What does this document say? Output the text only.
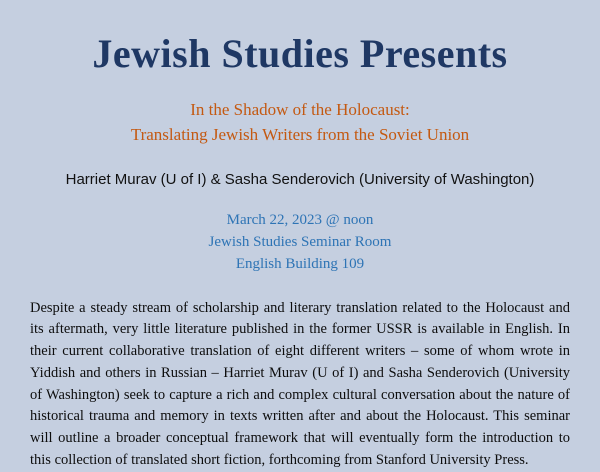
Jewish Studies Presents
In the Shadow of the Holocaust:
Translating Jewish Writers from the Soviet Union
Harriet Murav (U of I) & Sasha Senderovich (University of Washington)
March 22, 2023 @ noon
Jewish Studies Seminar Room
English Building 109

Despite a steady stream of scholarship and literary translation related to the Holocaust and its aftermath, very little literature published in the former USSR is available in English. In their current collaborative translation of eight different writers – some of whom wrote in Yiddish and others in Russian – Harriet Murav (U of I) and Sasha Senderovich (University of Washington) seek to capture a rich and complex cultural conversation about the nature of historical trauma and memory in texts written after and about the Holocaust. This seminar will outline a broader conceptual framework that will eventually form the introduction to this collection of translated short fiction, forthcoming from Stanford University Press.
